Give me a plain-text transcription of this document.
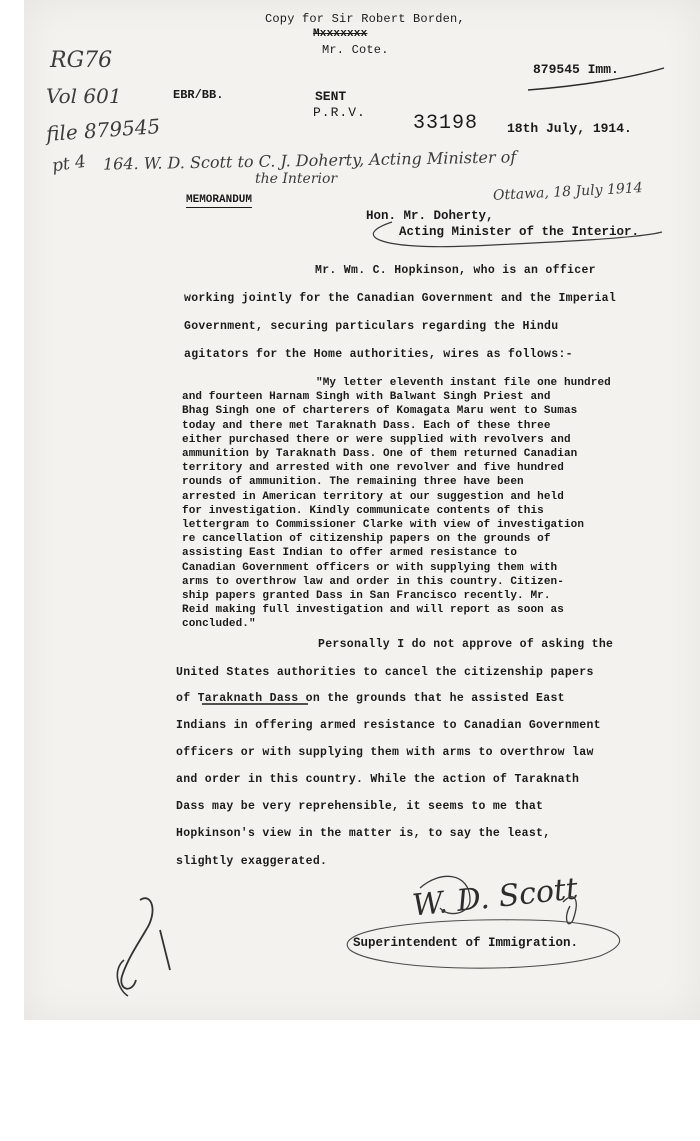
Copy for Sir Robert Borden,
Mxxxxxxx
Mr. Cote.
879545 Imm.
RG76
Vol 601
file 879545
pt 4 164. W. D. Scott to C. J. Doherty, Acting Minister of
the Interior
Ottawa, 18 July 1914
EBR/BB.	SENT
P.R.V. 33198 18th July, 1914.
MEMORANDUM
Hon. Mr. Doherty,
Acting Minister of the Interior.
Mr. Wm. C. Hopkinson, who is an officer
working jointly for the Canadian Government and the Imperial
Government, securing particulars regarding the Hindu
agitators for the Home authorities, wires as follows:-
"My letter eleventh instant file one hundred
and fourteen Harnam Singh with Balwant Singh Priest and
Bhag Singh one of charterers of Komagata Maru went to Sumas
today and there met Taraknath Dass. Each of these three
either purchased there or were supplied with revolvers and
ammunition by Taraknath Dass. One of them returned Canadian
territory and arrested with one revolver and five hundred
rounds of ammunition. The remaining three have been
arrested in American territory at our suggestion and held
for investigation. Kindly communicate contents of this
lettergram to Commissioner Clarke with view of investigation
re cancellation of citizenship papers on the grounds of
assisting East Indian to offer armed resistance to
Canadian Government officers or with supplying them with
arms to overthrow law and order in this country. Citizen-
ship papers granted Dass in San Francisco recently. Mr.
Reid making full investigation and will report as soon as
concluded."
Personally I do not approve of asking the
United States authorities to cancel the citizenship papers
of Taraknath Dass on the grounds that he assisted East
Indians in offering armed resistance to Canadian Government
officers or with supplying them with arms to overthrow law
and order in this country. While the action of Taraknath
Dass may be very reprehensible, it seems to me that
Hopkinson's view in the matter is, to say the least,
slightly exaggerated.
W. D. Scott
Superintendent of Immigration.
